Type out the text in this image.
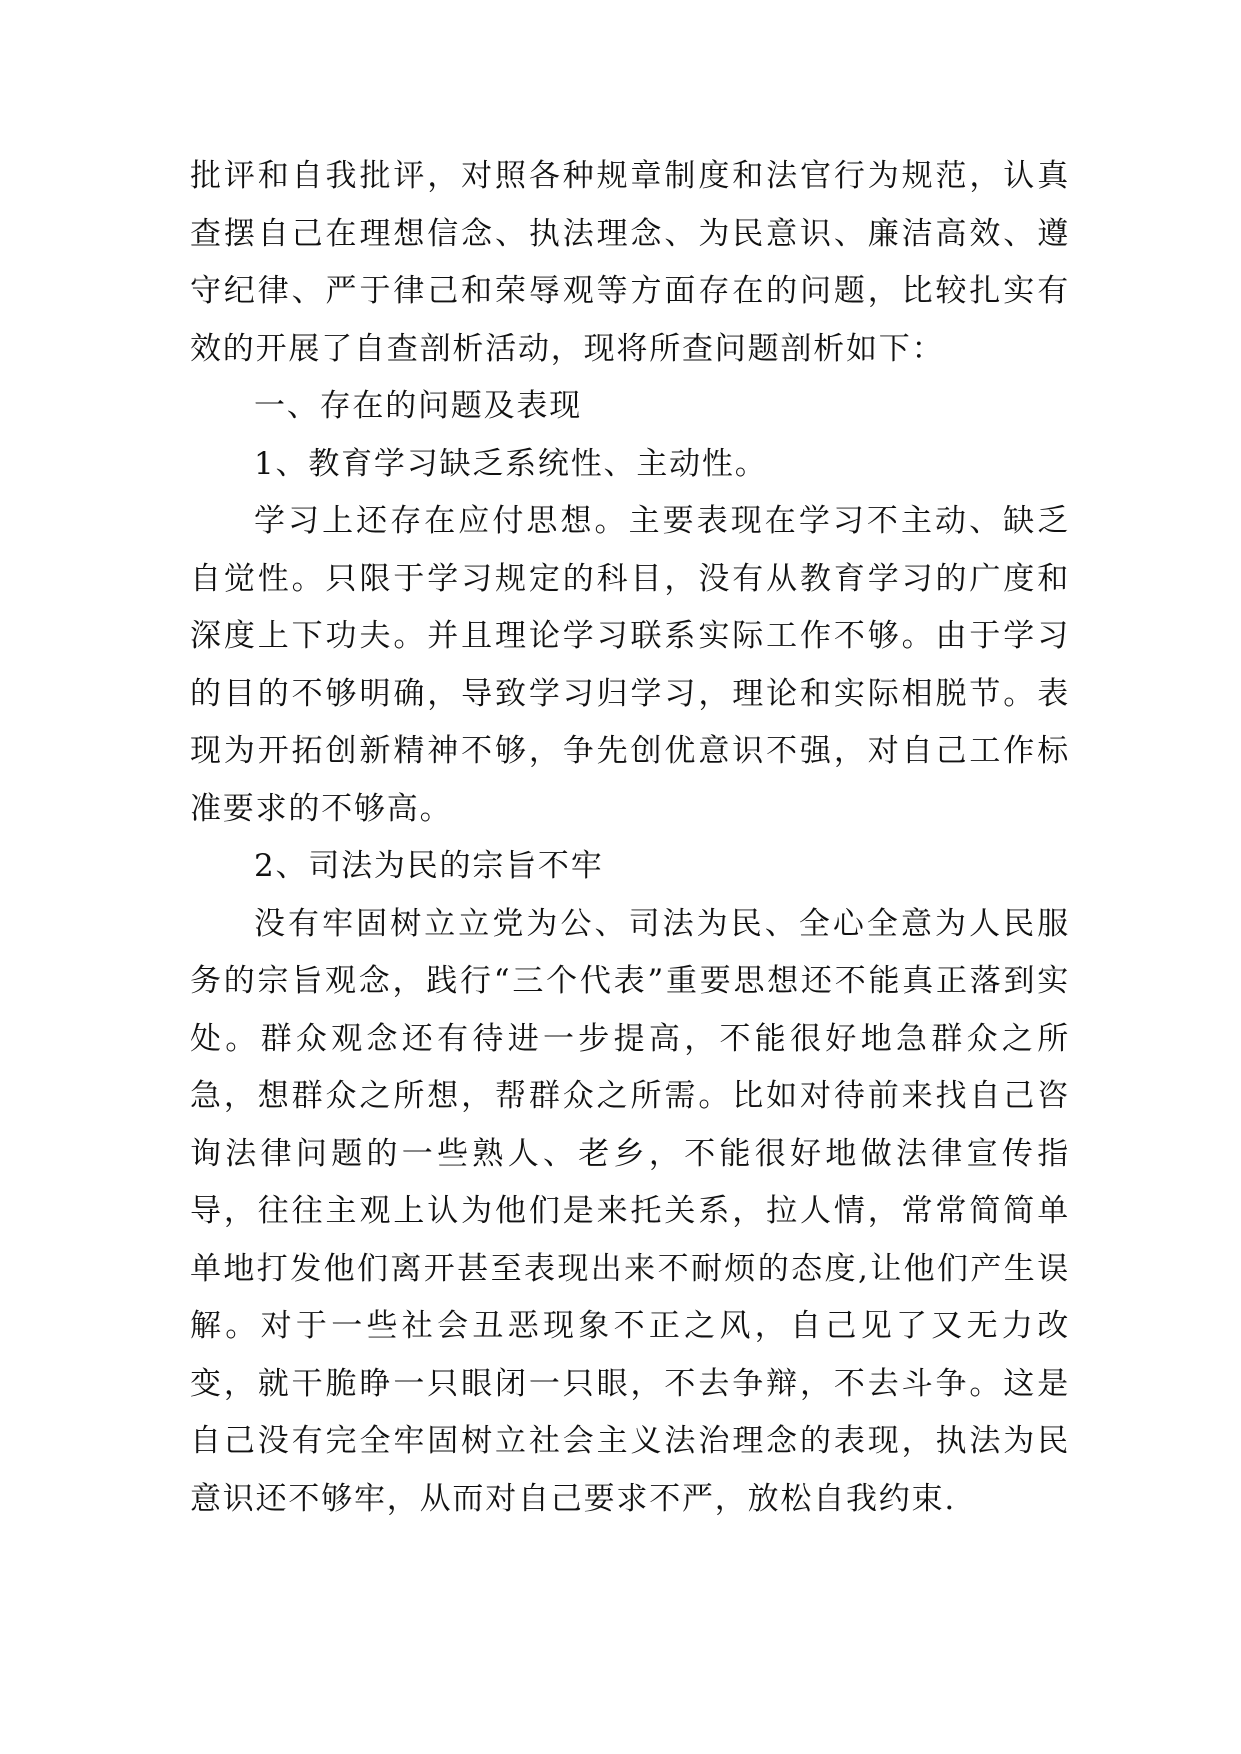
批评和自我批评，对照各种规章制度和法官行为规范，认真查摆自己在理想信念、执法理念、为民意识、廉洁高效、遵守纪律、严于律己和荣辱观等方面存在的问题，比较扎实有效的开展了自查剖析活动，现将所查问题剖析如下：

一、存在的问题及表现

1、教育学习缺乏系统性、主动性。

学习上还存在应付思想。主要表现在学习不主动、缺乏自觉性。只限于学习规定的科目，没有从教育学习的广度和深度上下功夫。并且理论学习联系实际工作不够。由于学习的目的不够明确，导致学习归学习，理论和实际相脱节。表现为开拓创新精神不够，争先创优意识不强，对自己工作标准要求的不够高。

2、司法为民的宗旨不牢

没有牢固树立立党为公、司法为民、全心全意为人民服务的宗旨观念，践行“三个代表”重要思想还不能真正落到实处。群众观念还有待进一步提高，不能很好地急群众之所急，想群众之所想，帮群众之所需。比如对待前来找自己咨询法律问题的一些熟人、老乡，不能很好地做法律宣传指导，往往主观上认为他们是来托关系，拉人情，常常简简单单地打发他们离开甚至表现出来不耐烦的态度,让他们产生误解。对于一些社会丑恶现象不正之风，自己见了又无力改变，就干脆睁一只眼闭一只眼，不去争辩，不去斗争。这是自己没有完全牢固树立社会主义法治理念的表现，执法为民意识还不够牢，从而对自己要求不严，放松自我约束.
